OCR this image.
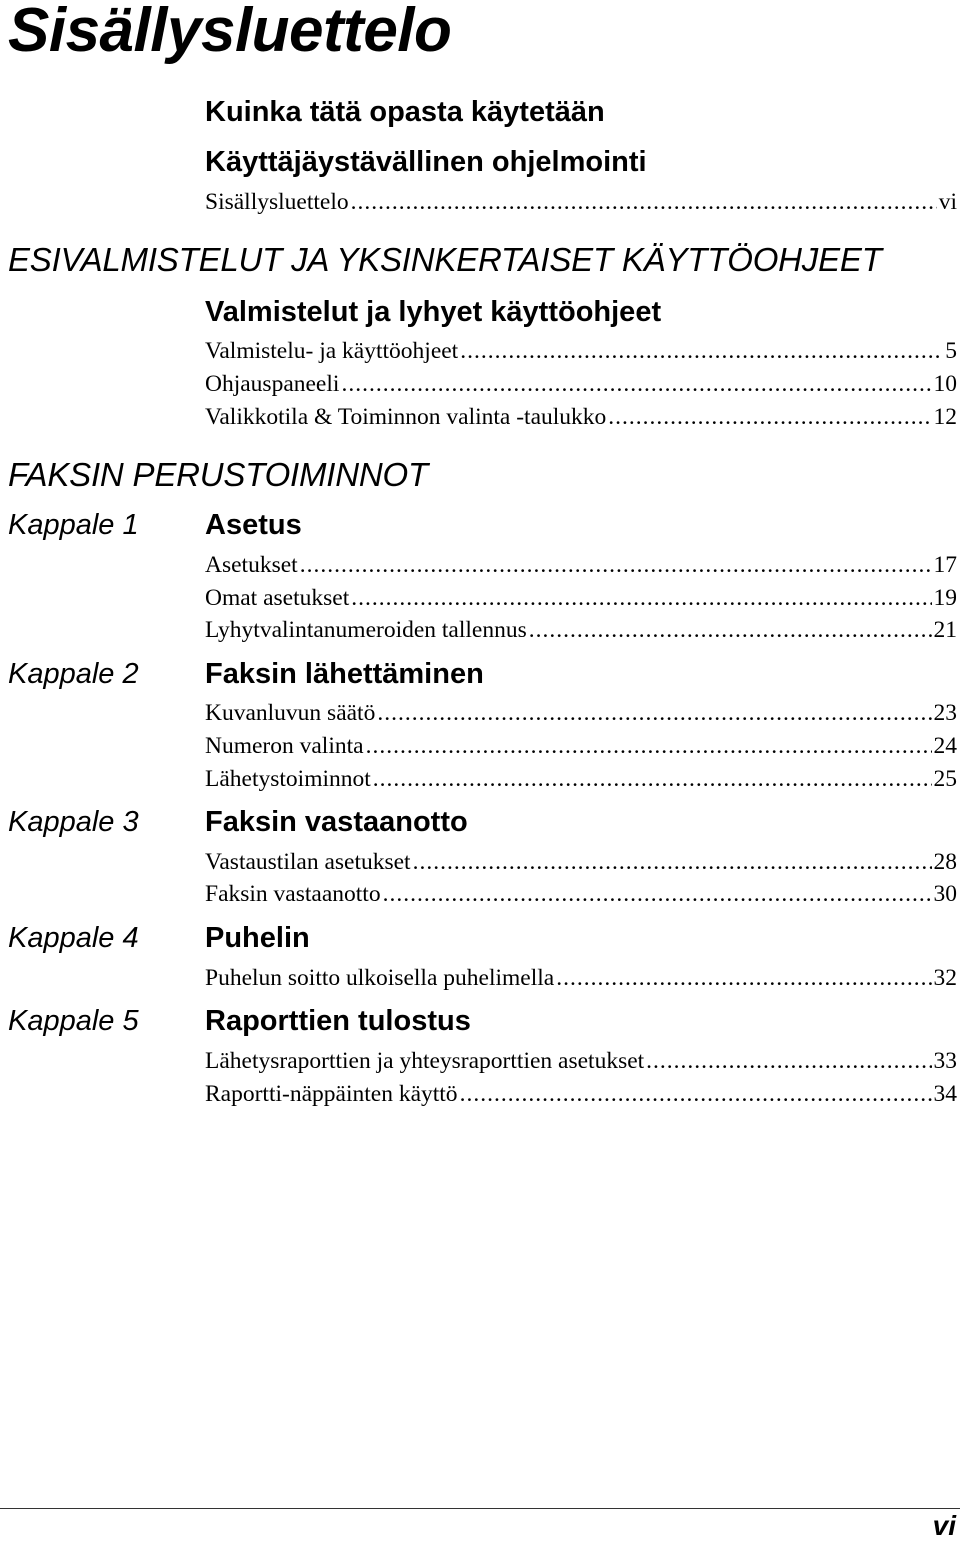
Sisällysluettelo
Kuinka tätä opasta käytetään
Käyttäjäystävällinen ohjelmointi
Sisällysluettelo .....	vi
ESIVALMISTELUT JA YKSINKERTAISET KÄYTTÖOHJEET
Valmistelut ja lyhyet käyttöohjeet
Valmistelu- ja käyttöohjeet .....	5
Ohjauspaneeli .....	10
Valikkotila & Toiminnon valinta -taulukko .....	12
FAKSIN PERUSTOIMINNOT
Kappale 1 Asetus
Asetukset .....	17
Omat asetukset .....	19
Lyhytvalintanumeroiden tallennus .....	21
Kappale 2 Faksin lähettäminen
Kuvanluvun säätö .....	23
Numeron valinta .....	24
Lähetystoiminnot .....	25
Kappale 3 Faksin vastaanotto
Vastaustilan asetukset .....	28
Faksin vastaanotto .....	30
Kappale 4 Puhelin
Puhelun soitto ulkoisella puhelimella .....	32
Kappale 5 Raporttien tulostus
Lähetysraporttien ja yhteysraporttien asetukset .....	33
Raportti-näppäinten käyttö .....	34
vi
